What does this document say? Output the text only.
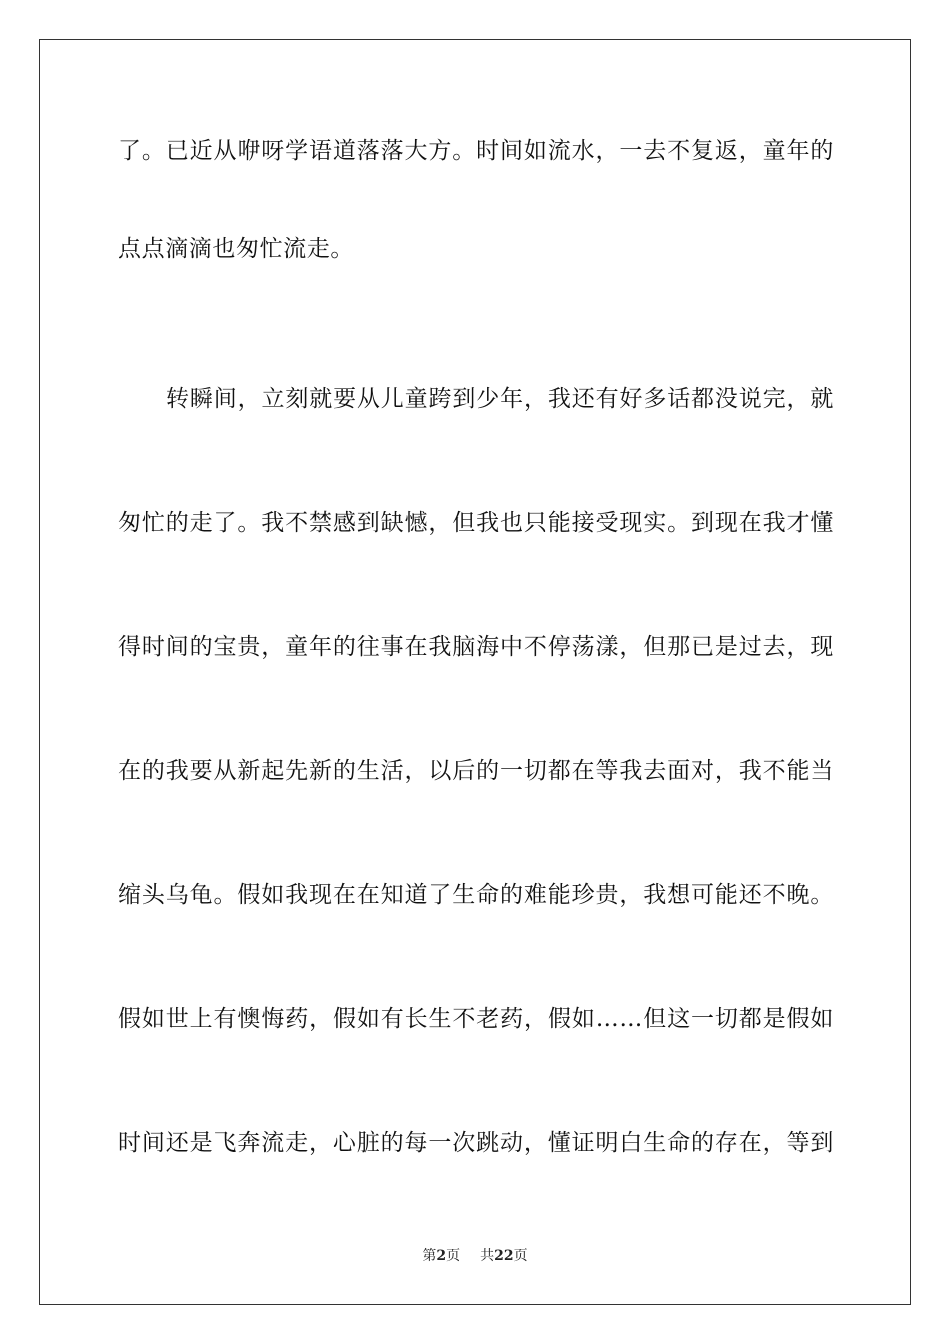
了。已近从咿呀学语道落落大方。时间如流水，一去不复返，童年的
点点滴滴也匆忙流走。
转瞬间，立刻就要从儿童跨到少年，我还有好多话都没说完，就
匆忙的走了。我不禁感到缺憾，但我也只能接受现实。到现在我才懂
得时间的宝贵，童年的往事在我脑海中不停荡漾，但那已是过去，现
在的我要从新起先新的生活，以后的一切都在等我去面对，我不能当
缩头乌龟。假如我现在在知道了生命的难能珍贵，我想可能还不晚。
假如世上有懊悔药，假如有长生不老药，假如……但这一切都是假如
时间还是飞奔流走，心脏的每一次跳动，懂证明白生命的存在，等到
第2页 共22页
